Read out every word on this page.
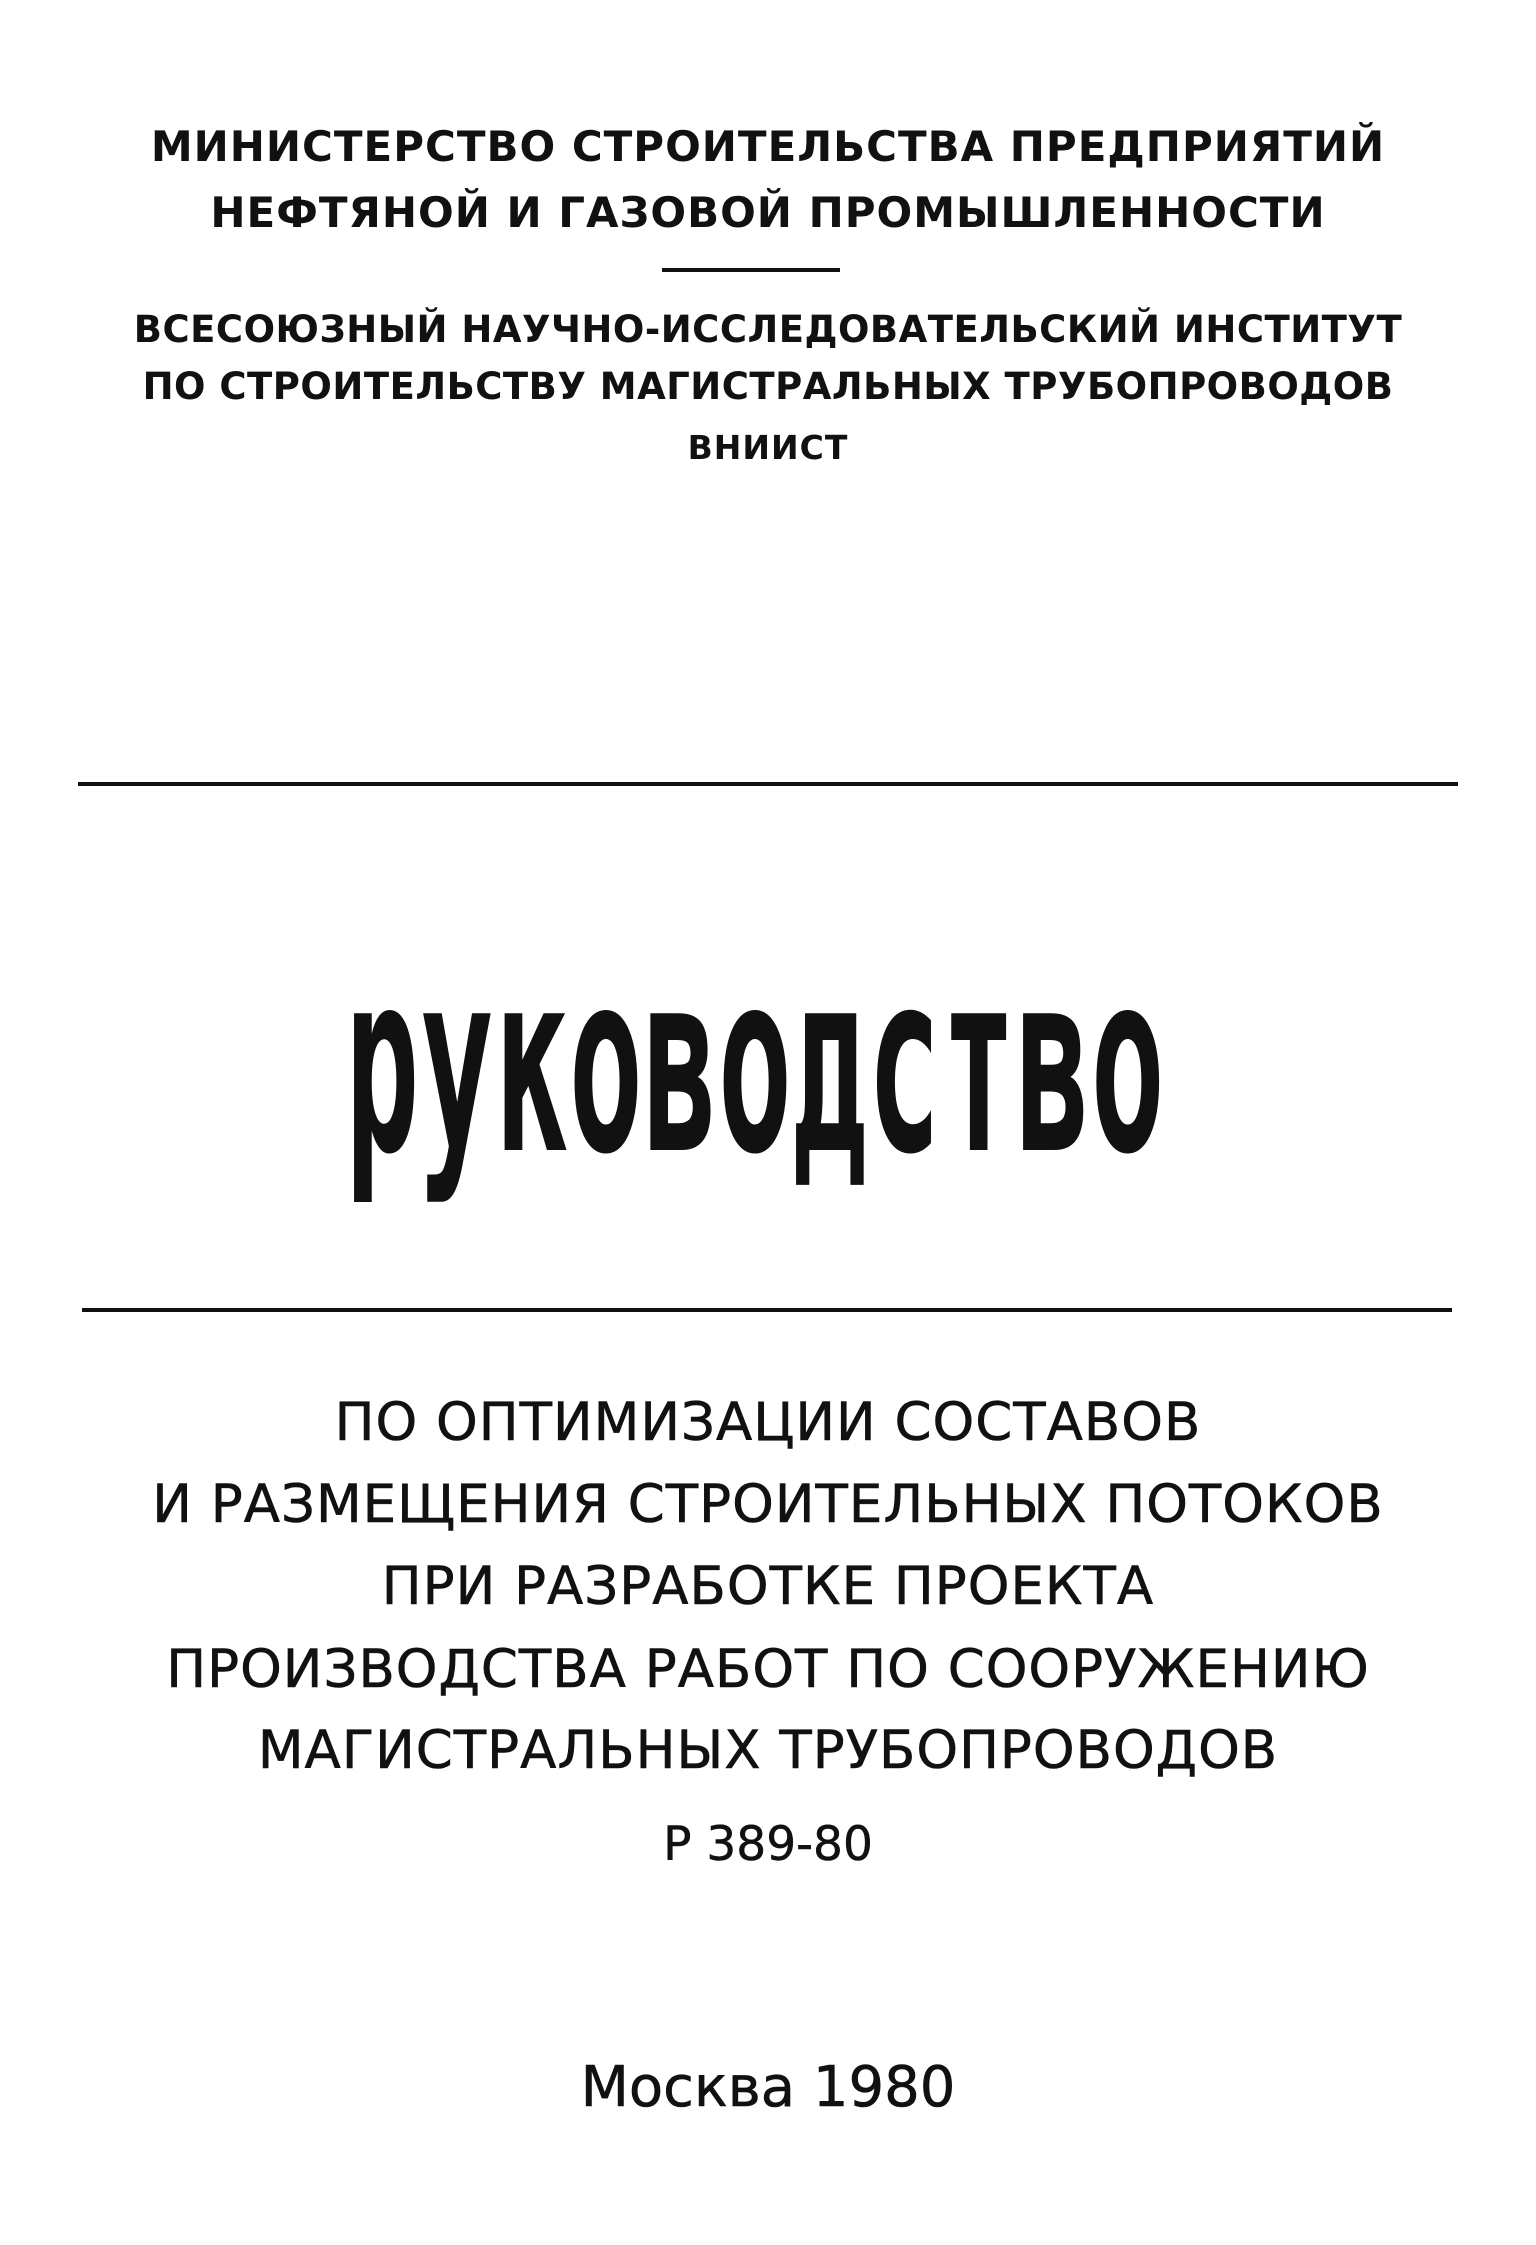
МИНИСТЕРСТВО СТРОИТЕЛЬСТВА ПРЕДПРИЯТИЙ
НЕФТЯНОЙ И ГАЗОВОЙ ПРОМЫШЛЕННОСТИ
ВСЕСОЮЗНЫЙ НАУЧНО-ИССЛЕДОВАТЕЛЬСКИЙ ИНСТИТУТ
ПО СТРОИТЕЛЬСТВУ МАГИСТРАЛЬНЫХ ТРУБОПРОВОДОВ
ВНИИСТ
руководство
ПО ОПТИМИЗАЦИИ СОСТАВОВ
И РАЗМЕЩЕНИЯ СТРОИТЕЛЬНЫХ ПОТОКОВ
ПРИ РАЗРАБОТКЕ ПРОЕКТА
ПРОИЗВОДСТВА РАБОТ ПО СООРУЖЕНИЮ
МАГИСТРАЛЬНЫХ ТРУБОПРОВОДОВ
Р 389-80
Москва 1980
